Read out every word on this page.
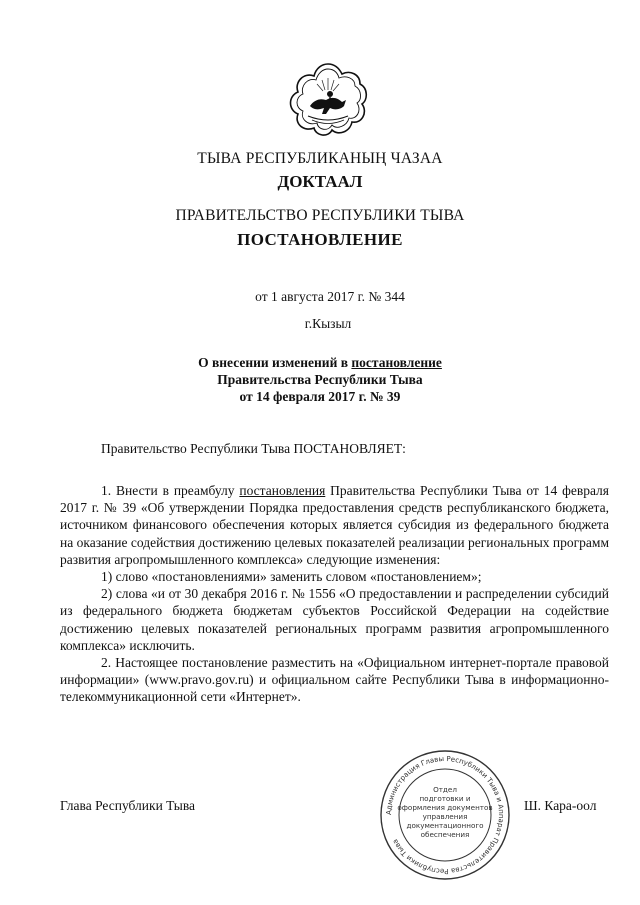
ТЫВА РЕСПУБЛИКАНЫҢ ЧАЗАА
ДОКТААЛ
ПРАВИТЕЛЬСТВО РЕСПУБЛИКИ ТЫВА
ПОСТАНОВЛЕНИЕ
от 1 августа 2017 г. № 344
г.Кызыл
О внесении изменений в постановление
Правительства Республики Тыва
от 14 февраля 2017 г. № 39
Правительство Республики Тыва ПОСТАНОВЛЯЕТ:

1. Внести в преамбулу постановления Правительства Республики Тыва от 14 февраля 2017 г. № 39 «Об утверждении Порядка предоставления средств республиканского бюджета, источником финансового обеспечения которых является субсидия из федерального бюджета на оказание содействия достижению целевых показателей реализации региональных программ развития агропромышленного комплекса» следующие изменения:

1) слово «постановлениями» заменить словом «постановлением»;

2) слова «и от 30 декабря 2016 г. № 1556 «О предоставлении и распределении субсидий из федерального бюджета бюджетам субъектов Российской Федерации на содействие достижению целевых показателей региональных программ развития агропромышленного комплекса» исключить.

2. Настоящее постановление разместить на «Официальном интернет-портале правовой информации» (www.pravo.gov.ru) и официальном сайте Республики Тыва в информационно-телекоммуникационной сети «Интернет».

Глава Республики Тыва	Ш. Кара-оол
Администрация Главы Республики Тыва и Аппарат Правительства Республики Тыва
Отдел
подготовки и
оформления документов
управления
документационного
обеспечения
